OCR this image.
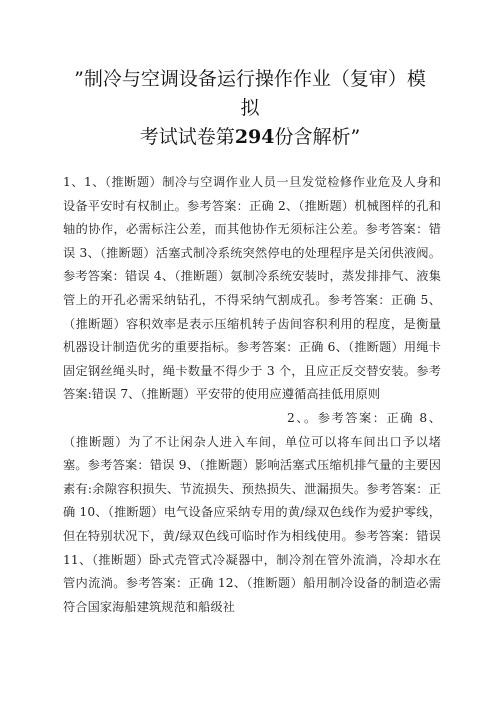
”制冷与空调设备运行操作作业（复审）模
拟
考试试卷第294份含解析”

1、1、（推断题）制冷与空调作业人员一旦发觉检修作业危及人身和设备平安时有权制止。参考答案：正确 2、（推断题）机械图样的孔和轴的协作，必需标注公差，而其他协作无须标注公差。参考答案：错误 3、（推断题）活塞式制冷系统突然停电的处理程序是关闭供液阀。参考答案：错误 4、（推断题）氨制冷系统安装时，蒸发排排气、液集管上的开孔必需采纳钻孔，不得采纳气割成孔。参考答案：正确 5、（推断题）容积效率是表示压缩机转子齿间容积利用的程度，是衡量机器设计制造优劣的重要指标。参考答案：正确 6、（推断题）用绳卡固定钢丝绳头时，绳卡数量不得少于 3 个，且应正反交替安装。参考答案:错误 7、（推断题）平安带的使用应遵循高挂低用原则

2、。参考答案：正确 8、（推断题）为了不让闲杂人进入车间，单位可以将车间出口予以堵塞。参考答案：错误 9、（推断题）影响活塞式压缩机排气量的主要因素有:余隙容积损失、节流损失、预热损失、泄漏损失。参考答案：正确 10、（推断题）电气设备应采纳专用的黄/绿双色线作为爱护零线，但在特别状况下，黄/绿双色线可临时作为相线使用。参考答案：错误 11、（推断题）卧式壳管式冷凝器中，制冷剂在管外流淌，冷却水在管内流淌。参考答案：正确 12、（推断题）船用制冷设备的制造必需符合国家海船建筑规范和船级社
